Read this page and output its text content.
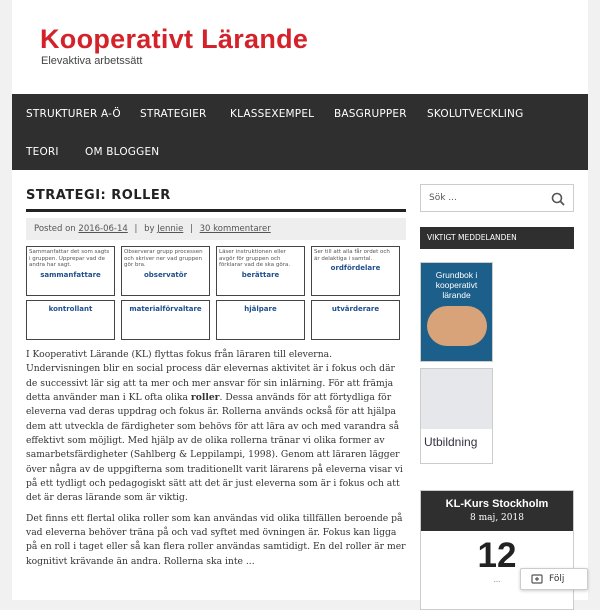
Kooperativt Lärande
Elevaktiva arbetssätt
STRUKTURER A-Ö STRATEGIER KLASSEXEMPEL BASGRUPPER SKOLUTVECKLING
TEORI	OM BLOGGEN
STRATEGI: ROLLER
Posted on 2016-06-14 | by Jennie | 30 kommentarer
Sammanfattar det som sagts i gruppen. Upprepar vad de andra har sagt.
sammanfattare
Observerar grupp processen och skriver ner vad gruppen gör bra.
observatör
Läser instruktionen eller avgör för gruppen och förklarar vad de ska göra.
berättare
Ser till att alla får ordet och är delaktiga i samtal.
ordfördelare
kontrollant	materialförvaltare	hjälpare	utvärderare

I Kooperativt Lärande (KL) flyttas fokus från läraren till eleverna. Undervisningen blir en social process där elevernas aktivitet är i fokus och där de successivt lär sig att ta mer och mer ansvar för sin inlärning. För att främja detta använder man i KL ofta olika roller. Dessa används för att förtydliga för eleverna vad deras uppdrag och fokus är. Rollerna används också för att hjälpa dem att utveckla de färdigheter som behövs för att lära av och med varandra så effektivt som möjligt. Med hjälp av de olika rollerna tränar vi olika former av samarbetsfärdigheter (Sahlberg & Leppilampi, 1998). Genom att läraren lägger över några av de uppgifterna som traditionellt varit lärarens på eleverna visar vi på ett tydligt och pedagogiskt sätt att det är just eleverna som är i fokus och att det är deras lärande som är viktig.

Det finns ett flertal olika roller som kan användas vid olika tillfällen beroende på vad eleverna behöver träna på och vad syftet med övningen är. Fokus kan ligga på en roll i taget eller så kan flera roller användas samtidigt. En del roller är mer kognitivt krävande än andra. Rollerna ska inte ...

Sök ...
VIKTIGT MEDDELANDEN
Grundbok i kooperativt lärande
Utbildning
KL-Kurs Stockholm
8 maj, 2018
12
...	Följ
